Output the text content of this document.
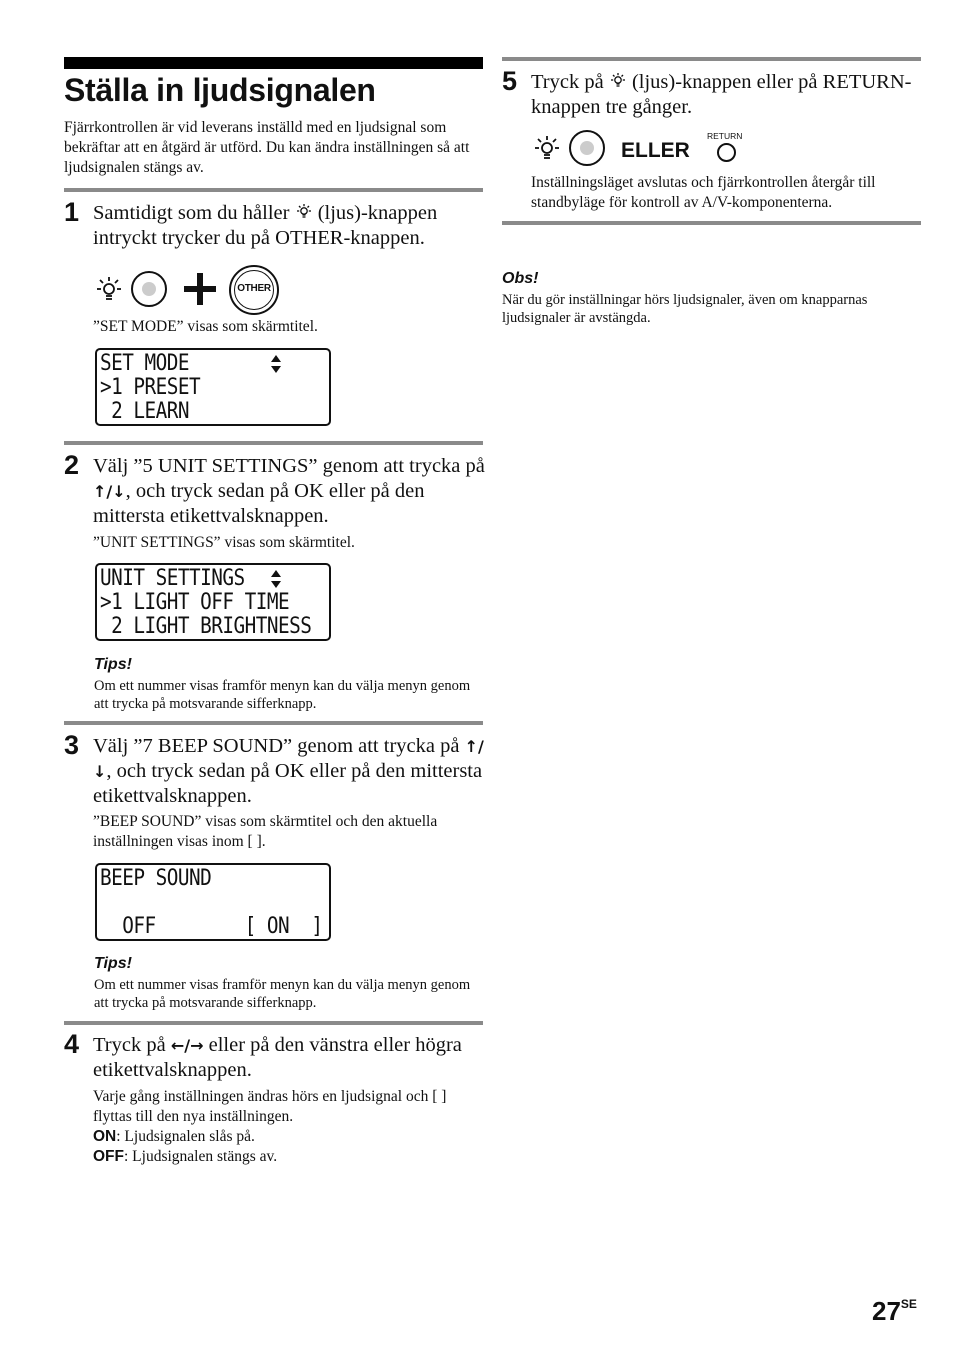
Ställa in ljudsignalen
Fjärrkontrollen är vid leverans inställd med en ljudsignal som bekräftar att en åtgärd är utförd. Du kan ändra inställningen så att ljudsignalen stängs av.
1 Samtidigt som du håller (ljus)-knappen intryckt trycker du på OTHER-knappen.
OTHER
”SET MODE” visas som skärmtitel.
SET MODE
>1 PRESET
2 LEARN
2 Välj ”5 UNIT SETTINGS” genom att trycka på ↑/↓, och tryck sedan på OK eller på den mittersta etikettvalsknappen.
”UNIT SETTINGS” visas som skärmtitel.
UNIT SETTINGS
>1 LIGHT OFF TIME
2 LIGHT BRIGHTNESS
Tips!
Om ett nummer visas framför menyn kan du välja menyn genom att trycka på motsvarande sifferknapp.
3 Välj ”7 BEEP SOUND” genom att trycka på ↑/↓, och tryck sedan på OK eller på den mittersta etikettvalsknappen.
”BEEP SOUND” visas som skärmtitel och den aktuella inställningen visas inom [ ].
BEEP SOUND
OFF        [ ON  ]
Tips!
Om ett nummer visas framför menyn kan du välja menyn genom att trycka på motsvarande sifferknapp.
4 Tryck på ←/→ eller på den vänstra eller högra etikettvalsknappen.
Varje gång inställningen ändras hörs en ljudsignal och [ ] flyttas till den nya inställningen.
ON: Ljudsignalen slås på.
OFF: Ljudsignalen stängs av.
5 Tryck på (ljus)-knappen eller på RETURN-knappen tre gånger.
ELLER
RETURN
Inställningsläget avslutas och fjärrkontrollen återgår till standbyläge för kontroll av A/V-komponenterna.
Obs!
När du gör inställningar hörs ljudsignaler, även om knapparnas ljudsignaler är avstängda.
$27^{SE}$
